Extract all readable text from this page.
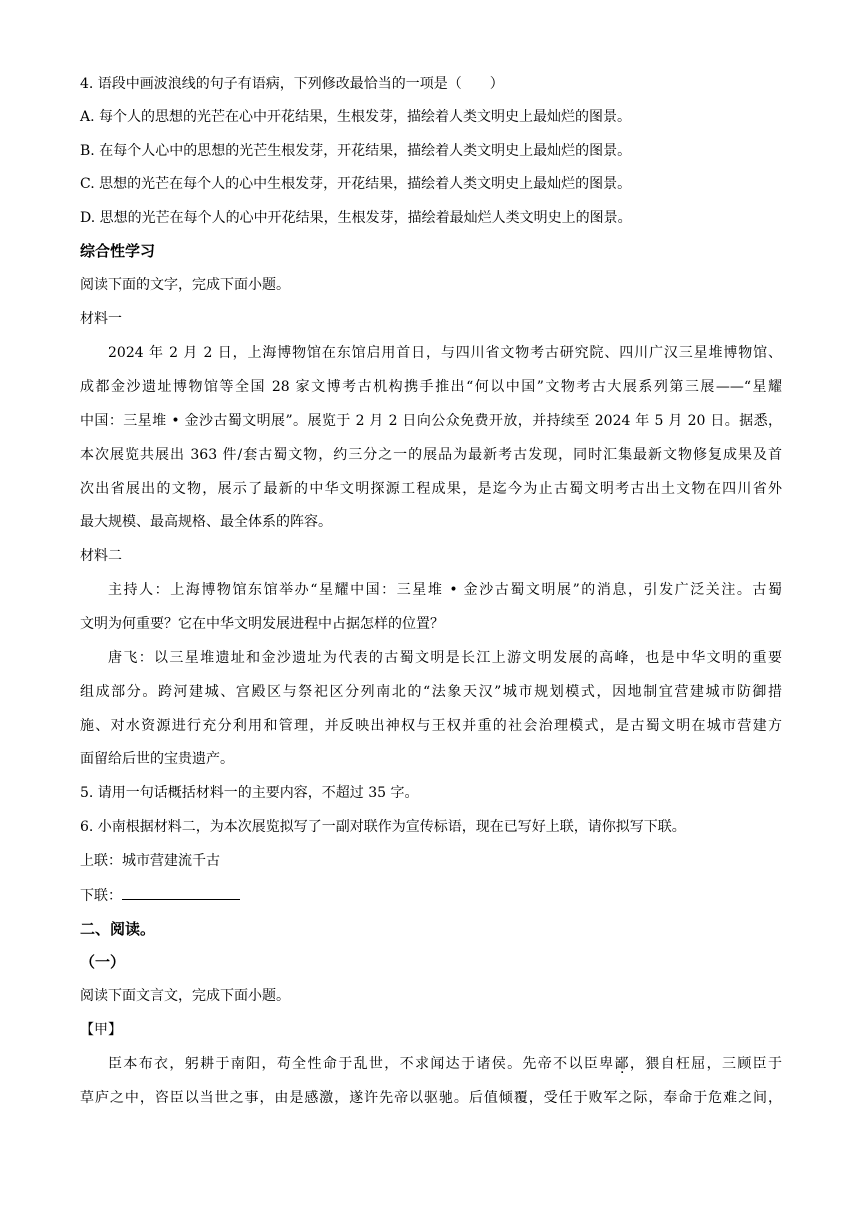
4. 语段中画波浪线的句子有语病，下列修改最恰当的一项是（　　）
A. 每个人的思想的光芒在心中开花结果，生根发芽，描绘着人类文明史上最灿烂的图景。
B. 在每个人心中的思想的光芒生根发芽，开花结果，描绘着人类文明史上最灿烂的图景。
C. 思想的光芒在每个人的心中生根发芽，开花结果，描绘着人类文明史上最灿烂的图景。
D. 思想的光芒在每个人的心中开花结果，生根发芽，描绘着最灿烂人类文明史上的图景。
综合性学习
阅读下面的文字，完成下面小题。
材料一
2024 年 2 月 2 日，上海博物馆在东馆启用首日，与四川省文物考古研究院、四川广汉三星堆博物馆、
成都金沙遗址博物馆等全国 28 家文博考古机构携手推出“何以中国”文物考古大展系列第三展——“星耀
中国：三星堆 • 金沙古蜀文明展”。展览于 2 月 2 日向公众免费开放，并持续至 2024 年 5 月 20 日。据悉，
本次展览共展出 363 件/套古蜀文物，约三分之一的展品为最新考古发现，同时汇集最新文物修复成果及首
次出省展出的文物，展示了最新的中华文明探源工程成果，是迄今为止古蜀文明考古出土文物在四川省外
最大规模、最高规格、最全体系的阵容。
材料二
主持人：上海博物馆东馆举办“星耀中国：三星堆 • 金沙古蜀文明展”的消息，引发广泛关注。古蜀
文明为何重要？它在中华文明发展进程中占据怎样的位置？
唐飞：以三星堆遗址和金沙遗址为代表的古蜀文明是长江上游文明发展的高峰，也是中华文明的重要
组成部分。跨河建城、宫殿区与祭祀区分列南北的“法象天汉”城市规划模式，因地制宜营建城市防御措
施、对水资源进行充分利用和管理，并反映出神权与王权并重的社会治理模式，是古蜀文明在城市营建方
面留给后世的宝贵遗产。
5. 请用一句话概括材料一的主要内容，不超过 35 字。
6. 小南根据材料二，为本次展览拟写了一副对联作为宣传标语，现在已写好上联，请你拟写下联。
上联：城市营建流千古
下联：
二、阅读。
（一）
阅读下面文言文，完成下面小题。
【甲】
臣本布衣，躬耕于南阳，苟全性命于乱世，不求闻达于诸侯。先帝不以臣卑鄙，猥自枉屈，三顾臣于
草庐之中，咨臣以当世之事，由是感激，遂许先帝以驱驰。后值倾覆，受任于败军之际，奉命于危难之间，
